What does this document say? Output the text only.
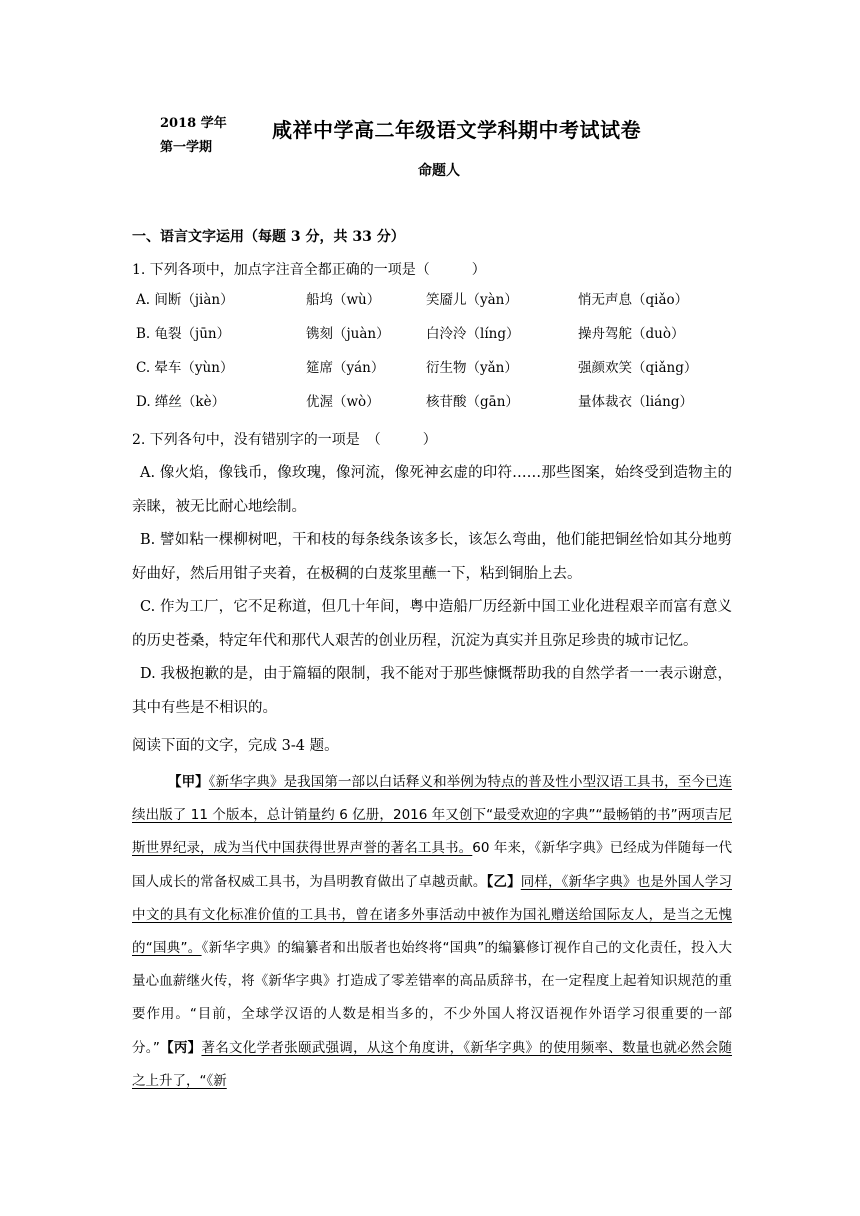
2018 学年
第一学期
咸祥中学高二年级语文学科期中考试试卷
命题人
一、语言文字运用（每题 3 分，共 33 分）
1. 下列各项中，加点字注音全都正确的一项是（　　　）
A. 间断（jiàn）	船坞（wù）	笑靥儿（yàn）	悄无声息（qiǎo）
B. 龟裂（jūn）	镌刻（juàn）	白泠泠（líng）	操舟驾舵（duò）
C. 晕车（yùn）	筵席（yán）	衍生物（yǎn）	强颜欢笑（qiǎng）
D. 缂丝（kè）	优渥（wò）	核苷酸（gān）	量体裁衣（liáng）
2. 下列各句中，没有错别字的一项是　（　　　）
A. 像火焰，像钱币，像玫瑰，像河流，像死神玄虚的印符……那些图案，始终受到造物主的亲睐，被无比耐心地绘制。
B. 譬如粘一棵柳树吧，干和枝的每条线条该多长，该怎么弯曲，他们能把铜丝恰如其分地剪好曲好，然后用钳子夹着，在极稠的白芨浆里蘸一下，粘到铜胎上去。
C. 作为工厂，它不足称道，但几十年间，粤中造船厂历经新中国工业化进程艰辛而富有意义的历史苍桑，特定年代和那代人艰苦的创业历程，沉淀为真实并且弥足珍贵的城市记忆。
D. 我极抱歉的是，由于篇辐的限制，我不能对于那些慷慨帮助我的自然学者一一表示谢意，其中有些是不相识的。
阅读下面的文字，完成 3-4 题。
【甲】《新华字典》是我国第一部以白话释义和举例为特点的普及性小型汉语工具书，至今已连续出版了 11 个版本，总计销量约 6 亿册，2016 年又创下“最受欢迎的字典”“最畅销的书”两项吉尼斯世界纪录，成为当代中国获得世界声誉的著名工具书。60 年来，《新华字典》已经成为伴随每一代国人成长的常备权威工具书，为昌明教育做出了卓越贡献。【乙】同样，《新华字典》也是外国人学习中文的具有文化标准价值的工具书，曾在诸多外事活动中被作为国礼赠送给国际友人，是当之无愧的“国典”。《新华字典》的编纂者和出版者也始终将“国典”的编纂修订视作自己的文化责任，投入大量心血薪继火传，将《新华字典》打造成了零差错率的高品质辞书，在一定程度上起着知识规范的重要作用。“目前，全球学汉语的人数是相当多的，不少外国人将汉语视作外语学习很重要的一部分。”【丙】著名文化学者张颐武强调，从这个角度讲，《新华字典》的使用频率、数量也就必然会随之上升了，“《新
